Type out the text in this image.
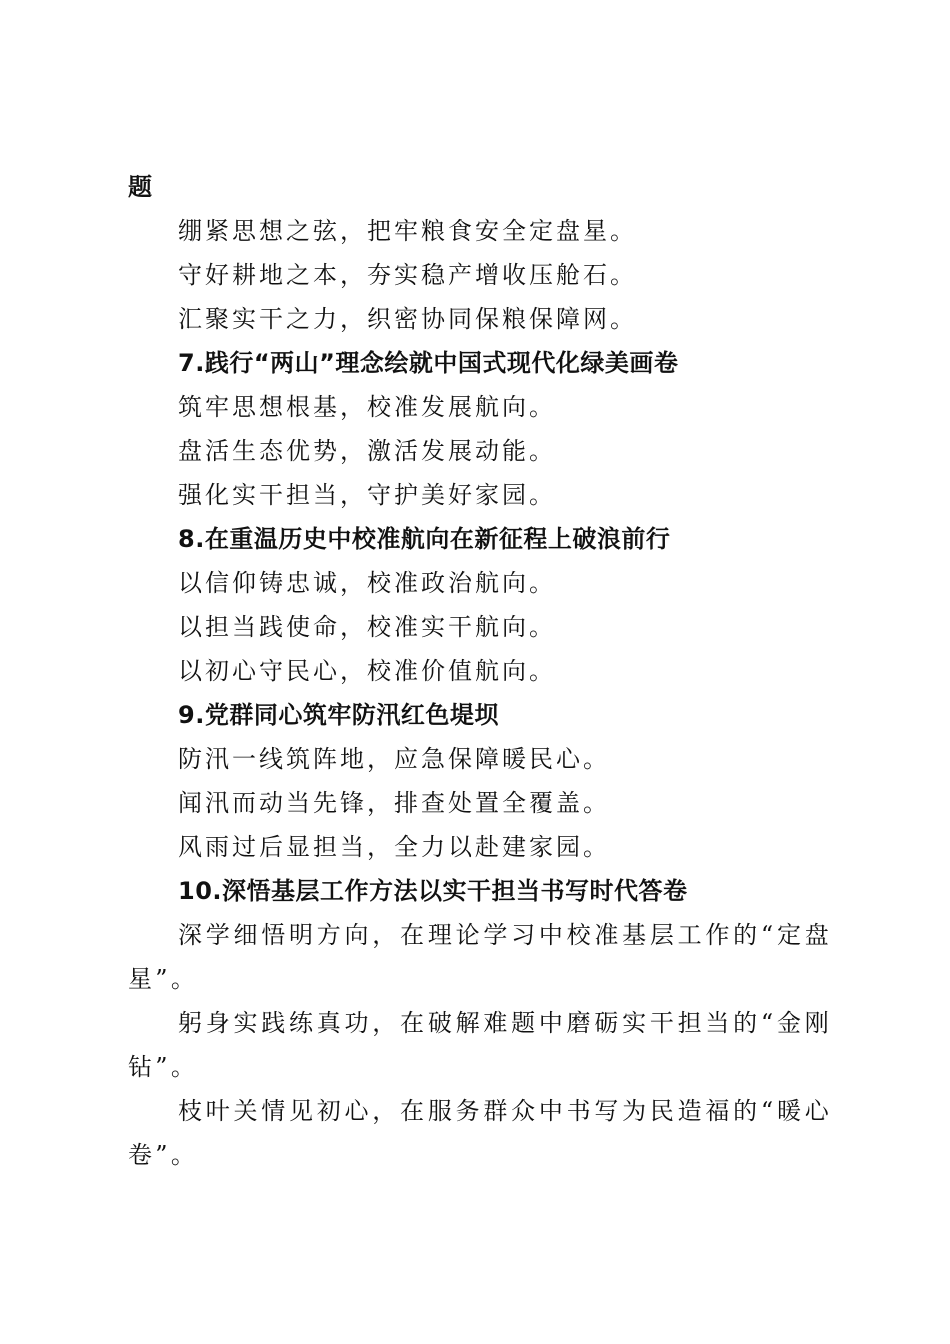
题

绷紧思想之弦，把牢粮食安全定盘星。

守好耕地之本，夯实稳产增收压舱石。

汇聚实干之力，织密协同保粮保障网。

7.践行“两山”理念绘就中国式现代化绿美画卷

筑牢思想根基，校准发展航向。

盘活生态优势，激活发展动能。

强化实干担当，守护美好家园。

8.在重温历史中校准航向在新征程上破浪前行

以信仰铸忠诚，校准政治航向。

以担当践使命，校准实干航向。

以初心守民心，校准价值航向。

9.党群同心筑牢防汛红色堤坝

防汛一线筑阵地，应急保障暖民心。

闻汛而动当先锋，排查处置全覆盖。

风雨过后显担当，全力以赴建家园。

10.深悟基层工作方法以实干担当书写时代答卷

深学细悟明方向，在理论学习中校准基层工作的“定盘星”。

躬身实践练真功，在破解难题中磨砺实干担当的“金刚钻”。

枝叶关情见初心，在服务群众中书写为民造福的“暖心卷”。
